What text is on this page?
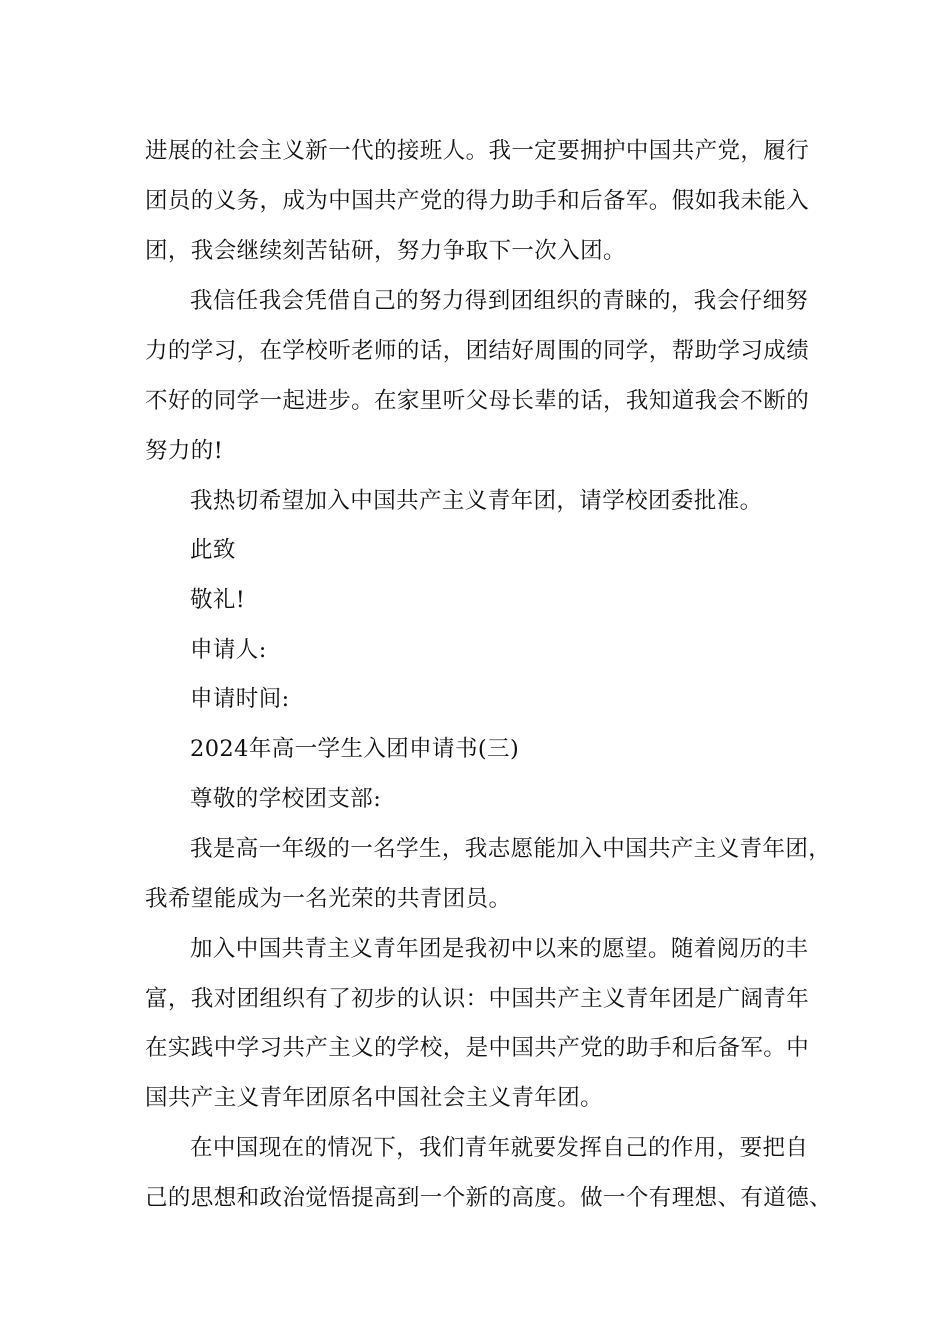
进展的社会主义新一代的接班人。我一定要拥护中国共产党，履行
团员的义务，成为中国共产党的得力助手和后备军。假如我未能入
团，我会继续刻苦钻研，努力争取下一次入团。
我信任我会凭借自己的努力得到团组织的青睐的，我会仔细努
力的学习，在学校听老师的话，团结好周围的同学，帮助学习成绩
不好的同学一起进步。在家里听父母长辈的话，我知道我会不断的
努力的!
我热切希望加入中国共产主义青年团，请学校团委批准。
此致
敬礼!
申请人:
申请时间:
2024年高一学生入团申请书(三)
尊敬的学校团支部:
我是高一年级的一名学生，我志愿能加入中国共产主义青年团，
我希望能成为一名光荣的共青团员。
加入中国共青主义青年团是我初中以来的愿望。随着阅历的丰
富，我对团组织有了初步的认识：中国共产主义青年团是广阔青年
在实践中学习共产主义的学校，是中国共产党的助手和后备军。中
国共产主义青年团原名中国社会主义青年团。
在中国现在的情况下，我们青年就要发挥自己的作用，要把自
己的思想和政治觉悟提高到一个新的高度。做一个有理想、有道德、
